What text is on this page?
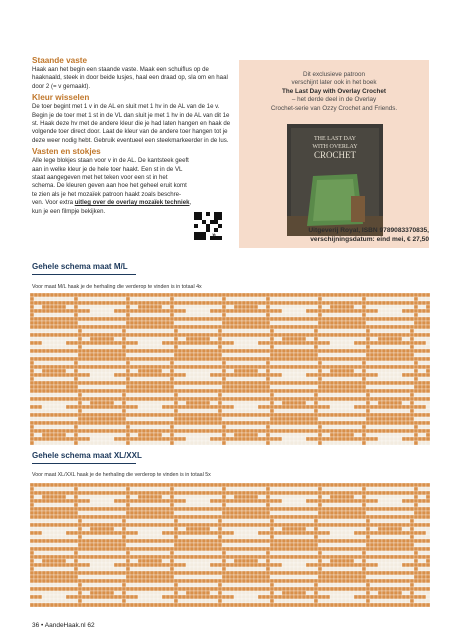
Staande vaste

Haak aan het begin een staande vaste. Maak een schuiflus op de haaknaald, steek in door beide lusjes, haal een draad op, sla om en haal door 2 (= v gemaakt).

Kleur wisselen

De toer begint met 1 v in de AL en sluit met 1 hv in de AL van de 1e v. Begin je de toer met 1 st in de VL dan sluit je met 1 hv in de AL van dit 1e st. Haak deze hv met de andere kleur die je had laten hangen en haak de volgende toer direct door. Laat de kleur van de andere toer hangen tot je deze weer nodig hebt. Gebruik eventueel een steekmarkeerder in de lus.

Vasten en stokjes

Alle lege blokjes staan voor v in de AL. De kantsteek geeft aan in welke kleur je de hele toer haakt. Een st in de VL staat aangegeven met het teken voor een st in het schema. De kleuren geven aan hoe het geheel eruit komt te zien als je het mozaïek patroon haakt zoals beschre-ven. Voor extra uitleg over de overlay mozaïek techniek, kun je een filmpje bekijken.

»
Dit exclusieve patroon
verschijnt later ook in het boek
The Last Day with Overlay Crochet
– het derde deel in de Overlay
Crochet-serie van Ozzy Crochet and Friends.
THE LAST DAY
WITH OVERLAY
CROCHET
Uitgeverij Royal, ISBN 9789083370835,
verschijningsdatum: eind mei, € 27,50
Gehele schema maat M/L
Voor maat M/L haak je de herhaling die verderop te vinden is in totaal 4x
Gehele schema maat XL/XXL
Voor maat XL/XXL haak je de herhaling die verderop te vinden is in totaal 5x
36 • AandeHaak.nl 62
